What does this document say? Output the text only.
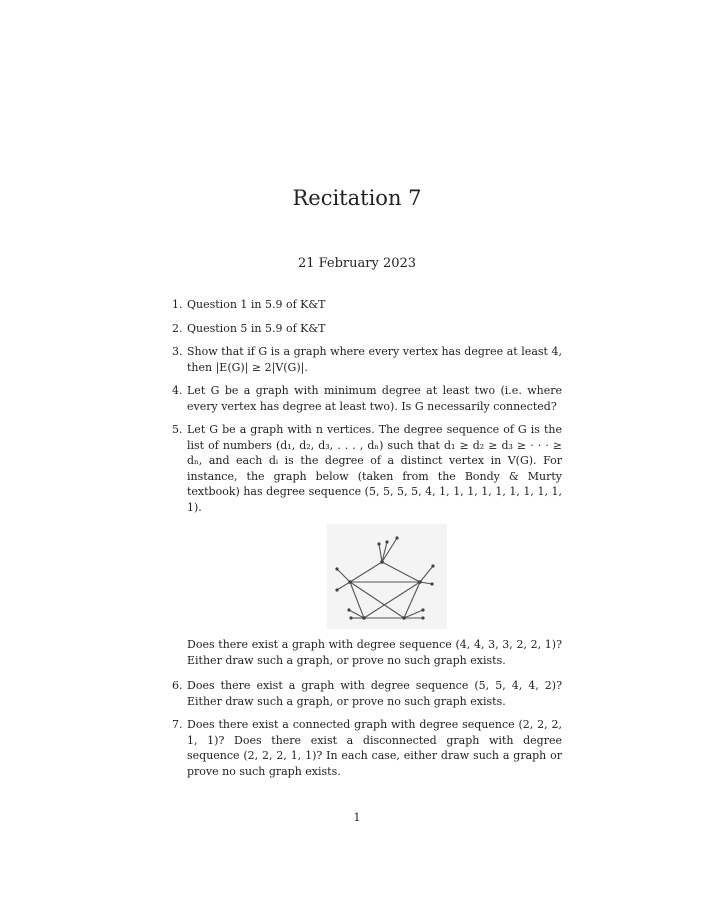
Recitation 7
21 February 2023
1. Question 1 in 5.9 of K&T
2. Question 5 in 5.9 of K&T
3. Show that if G is a graph where every vertex has degree at least 4, then |E(G)| ≥ 2|V(G)|.
4. Let G be a graph with minimum degree at least two (i.e. where every vertex has degree at least two). Is G necessarily connected?
5. Let G be a graph with n vertices. The degree sequence of G is the list of numbers (d₁, d₂, d₃, . . . , dₙ) such that d₁ ≥ d₂ ≥ d₃ ≥ · · · ≥ dₙ, and each dᵢ is the degree of a distinct vertex in V(G). For instance, the graph below (taken from the Bondy & Murty textbook) has degree sequence (5, 5, 5, 5, 4, 1, 1, 1, 1, 1, 1, 1, 1, 1, 1).
Does there exist a graph with degree sequence (4, 4, 3, 3, 2, 2, 1)? Either draw such a graph, or prove no such graph exists.
6. Does there exist a graph with degree sequence (5, 5, 4, 4, 2)? Either draw such a graph, or prove no such graph exists.
7. Does there exist a connected graph with degree sequence (2, 2, 2, 1, 1)? Does there exist a disconnected graph with degree sequence (2, 2, 2, 1, 1)? In each case, either draw such a graph or prove no such graph exists.
1
